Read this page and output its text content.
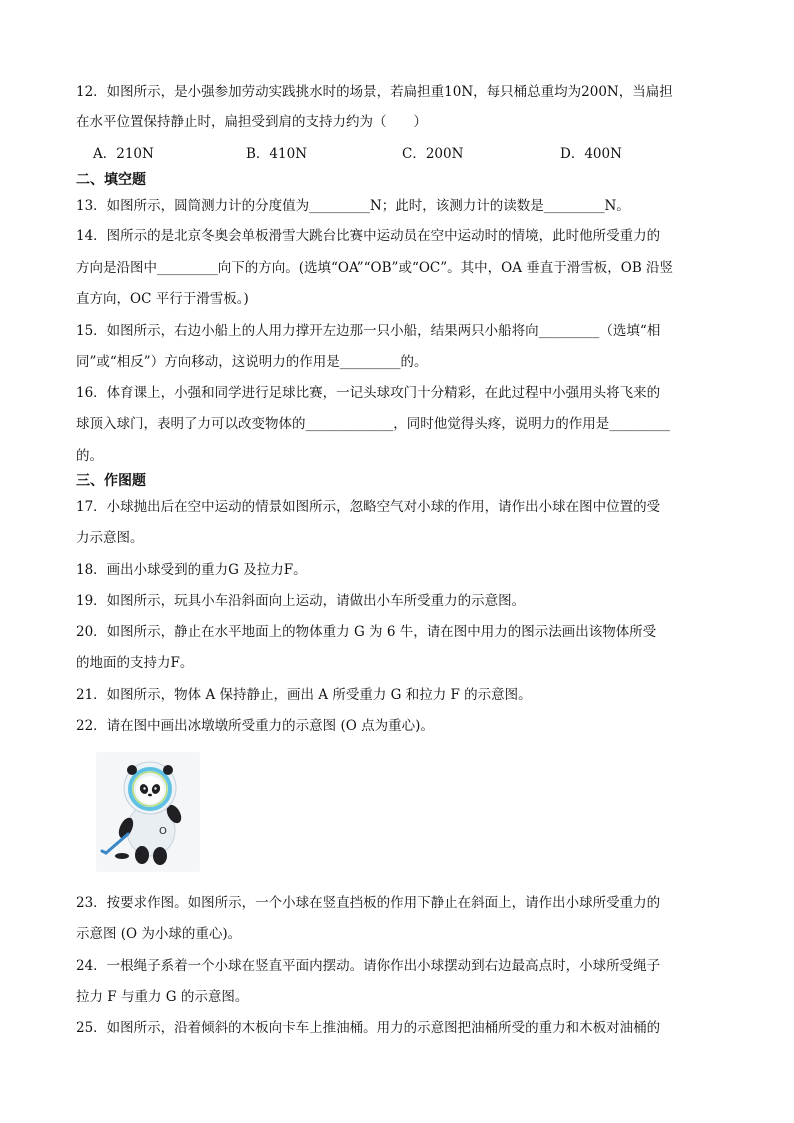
12．如图所示，是小强参加劳动实践挑水时的场景，若扁担重10N，每只桶总重均为200N，当扁担
在水平位置保持静止时，扁担受到肩的支持力约为（　　）
A．210N	B．410N	C．200N	D．400N
二、填空题
13．如图所示，圆筒测力计的分度值为_________N；此时，该测力计的读数是_________N。
14．图所示的是北京冬奥会单板滑雪大跳台比赛中运动员在空中运动时的情境，此时他所受重力的
方向是沿图中_________向下的方向。(选填“OA”“OB”或“OC”。其中，OA 垂直于滑雪板，OB 沿竖
直方向，OC 平行于滑雪板。)
15．如图所示，右边小船上的人用力撑开左边那一只小船，结果两只小船将向_________（选填“相
同”或“相反”）方向移动，这说明力的作用是_________的。
16．体育课上，小强和同学进行足球比赛，一记头球攻门十分精彩，在此过程中小强用头将飞来的
球顶入球门，表明了力可以改变物体的_____________，同时他觉得头疼，说明力的作用是_________
的。
三、作图题
17．小球抛出后在空中运动的情景如图所示，忽略空气对小球的作用，请作出小球在图中位置的受
力示意图。
18．画出小球受到的重力G 及拉力F。
19．如图所示，玩具小车沿斜面向上运动，请做出小车所受重力的示意图。
20．如图所示，静止在水平地面上的物体重力 G 为 6 牛，请在图中用力的图示法画出该物体所受
的地面的支持力F。
21．如图所示，物体 A 保持静止，画出 A 所受重力 G 和拉力 F 的示意图。
22．请在图中画出冰墩墩所受重力的示意图 (O 点为重心)。
O
23．按要求作图。如图所示，一个小球在竖直挡板的作用下静止在斜面上，请作出小球所受重力的
示意图 (O 为小球的重心)。
24．一根绳子系着一个小球在竖直平面内摆动。请你作出小球摆动到右边最高点时，小球所受绳子
拉力 F 与重力 G 的示意图。
25．如图所示，沿着倾斜的木板向卡车上推油桶。用力的示意图把油桶所受的重力和木板对油桶的
